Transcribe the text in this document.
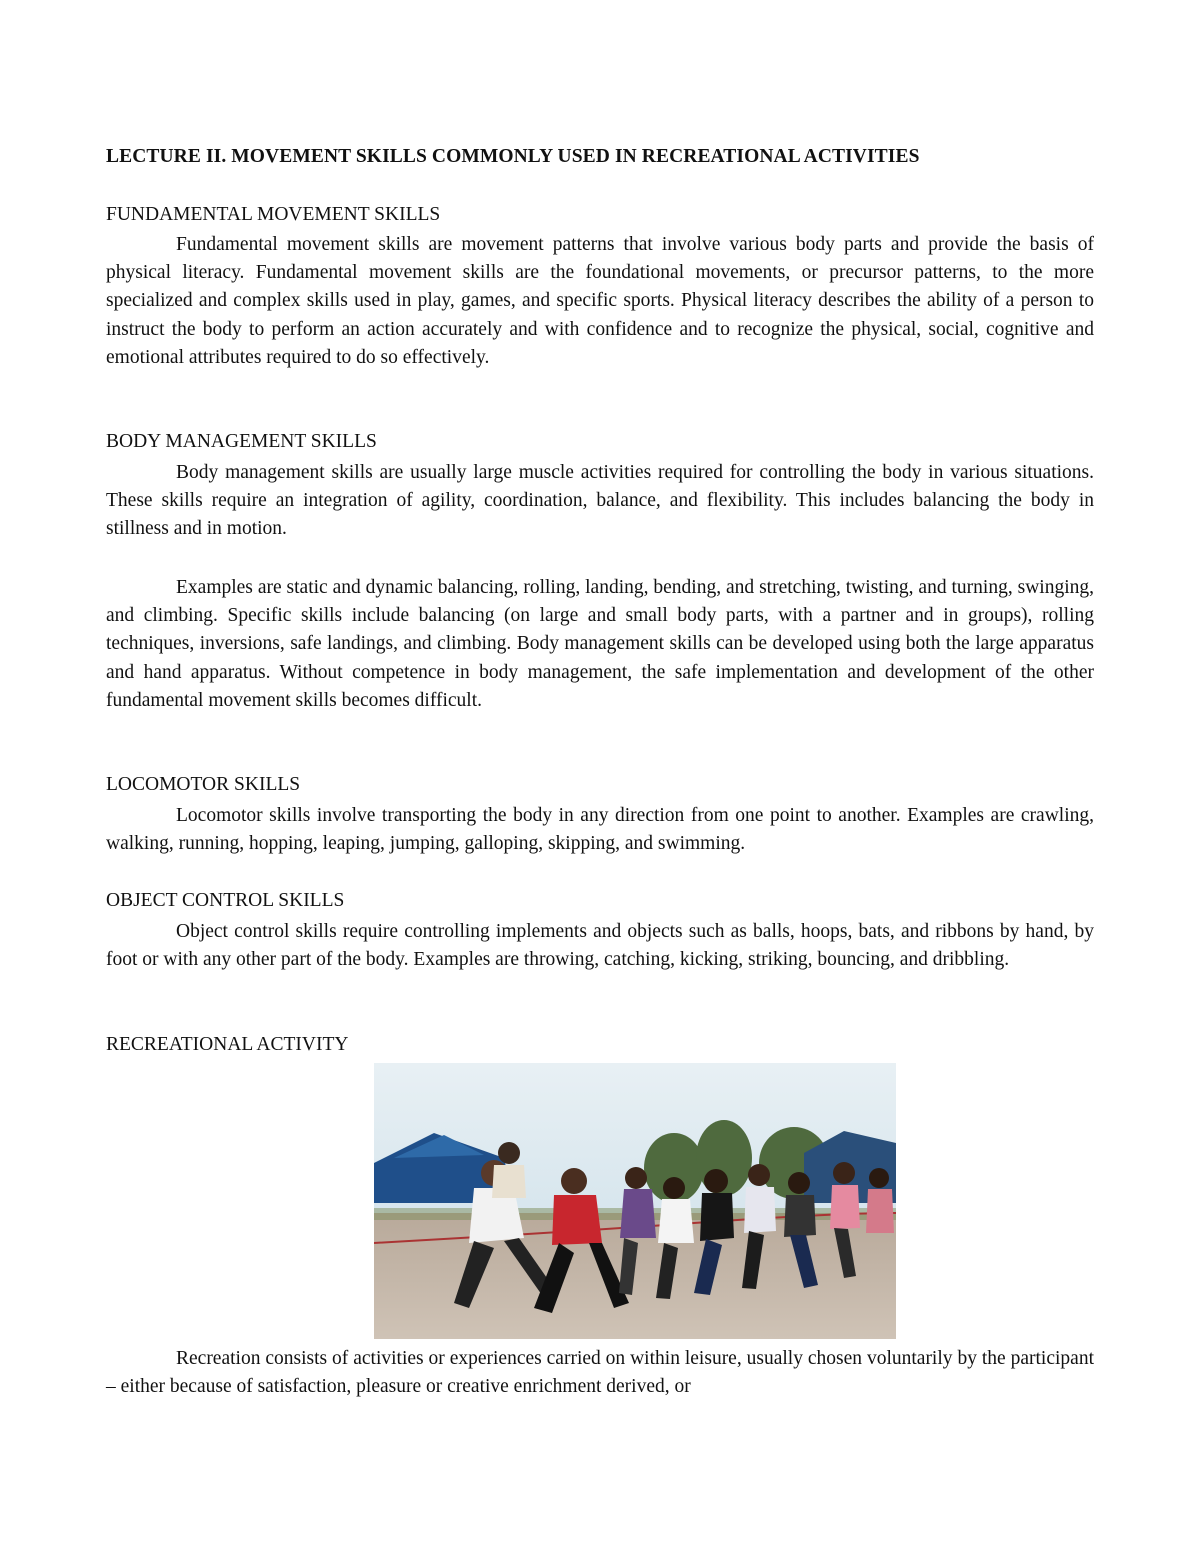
LECTURE II. MOVEMENT SKILLS COMMONLY USED IN RECREATIONAL ACTIVITIES
FUNDAMENTAL MOVEMENT SKILLS

Fundamental movement skills are movement patterns that involve various body parts and provide the basis of physical literacy. Fundamental movement skills are the foundational movements, or precursor patterns, to the more specialized and complex skills used in play, games, and specific sports. Physical literacy describes the ability of a person to instruct the body to perform an action accurately and with confidence and to recognize the physical, social, cognitive and emotional attributes required to do so effectively.

BODY MANAGEMENT SKILLS

Body management skills are usually large muscle activities required for controlling the body in various situations. These skills require an integration of agility, coordination, balance, and flexibility. This includes balancing the body in stillness and in motion.

Examples are static and dynamic balancing, rolling, landing, bending, and stretching, twisting, and turning, swinging, and climbing. Specific skills include balancing (on large and small body parts, with a partner and in groups), rolling techniques, inversions, safe landings, and climbing. Body management skills can be developed using both the large apparatus and hand apparatus. Without competence in body management, the safe implementation and development of the other fundamental movement skills becomes difficult.

LOCOMOTOR SKILLS

Locomotor skills involve transporting the body in any direction from one point to another. Examples are crawling, walking, running, hopping, leaping, jumping, galloping, skipping, and swimming.

OBJECT CONTROL SKILLS

Object control skills require controlling implements and objects such as balls, hoops, bats, and ribbons by hand, by foot or with any other part of the body. Examples are throwing, catching, kicking, striking, bouncing, and dribbling.

RECREATIONAL ACTIVITY

Recreation consists of activities or experiences carried on within leisure, usually chosen voluntarily by the participant – either because of satisfaction, pleasure or creative enrichment derived, or
